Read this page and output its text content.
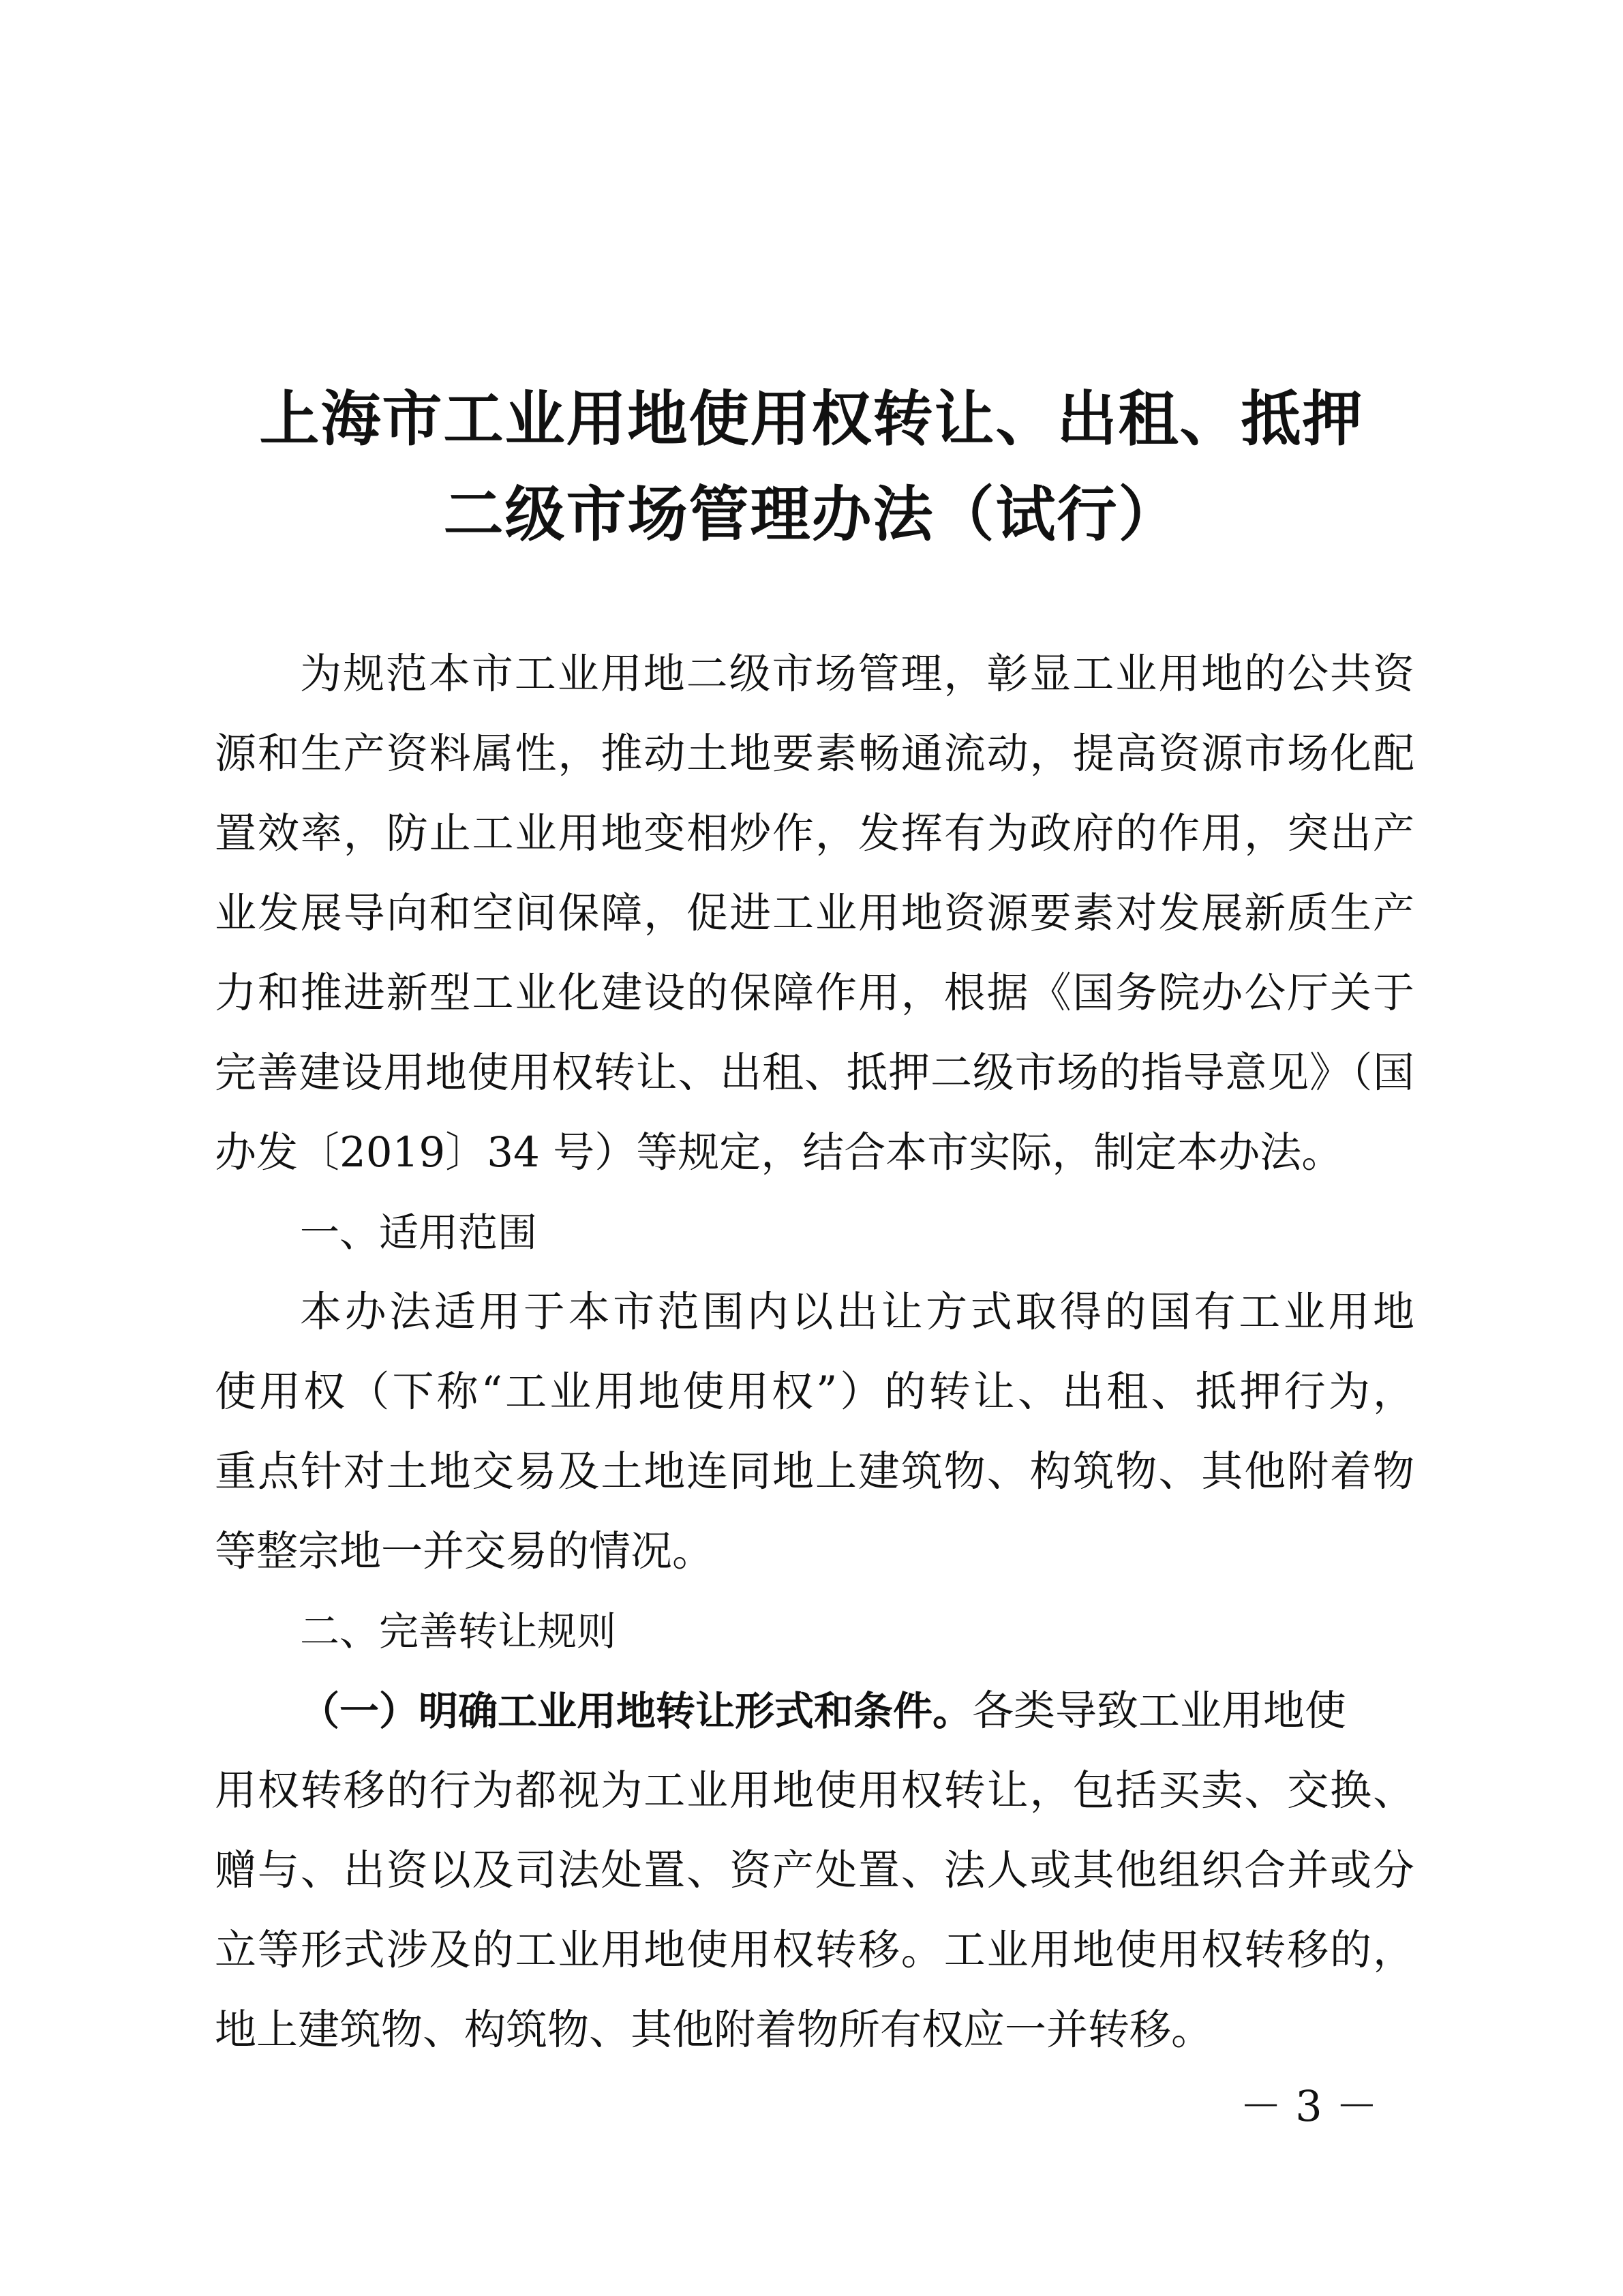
上海市工业用地使用权转让、出租、抵押
二级市场管理办法（试行）
为规范本市工业用地二级市场管理，彰显工业用地的公共资
源和生产资料属性，推动土地要素畅通流动，提高资源市场化配
置效率，防止工业用地变相炒作，发挥有为政府的作用，突出产
业发展导向和空间保障，促进工业用地资源要素对发展新质生产
力和推进新型工业化建设的保障作用，根据《国务院办公厅关于
完善建设用地使用权转让、出租、抵押二级市场的指导意见》（国
办发〔2019〕34 号）等规定，结合本市实际，制定本办法。
一、适用范围
本办法适用于本市范围内以出让方式取得的国有工业用地
使用权（下称“工业用地使用权”）的转让、出租、抵押行为，
重点针对土地交易及土地连同地上建筑物、构筑物、其他附着物
等整宗地一并交易的情况。
二、完善转让规则
（一）明确工业用地转让形式和条件。各类导致工业用地使
用权转移的行为都视为工业用地使用权转让，包括买卖、交换、
赠与、出资以及司法处置、资产处置、法人或其他组织合并或分
立等形式涉及的工业用地使用权转移。工业用地使用权转移的，
地上建筑物、构筑物、其他附着物所有权应一并转移。
－ 3 －
